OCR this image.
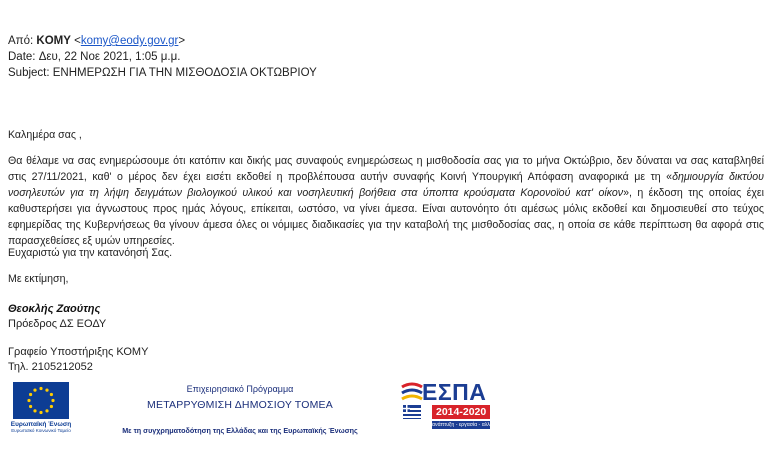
Από: KOMY <komy@eody.gov.gr>
Date: Δευ, 22 Νοε 2021, 1:05 μ.μ.
Subject: ΕΝΗΜΕΡΩΣΗ ΓΙΑ ΤΗΝ ΜΙΣΘΟΔΟΣΙΑ ΟΚΤΩΒΡΙΟΥ
Καλημέρα σας ,
Θα θέλαμε να σας ενημερώσουμε ότι κατόπιν και δικής μας συναφούς ενημερώσεως η μισθοδοσία σας για το μήνα Οκτώβριο, δεν δύναται να σας καταβληθεί στις 27/11/2021, καθ' ο μέρος δεν έχει εισέτι εκδοθεί η προβλέπουσα αυτήν συναφής Κοινή Υπουργική Απόφαση αναφορικά με τη «δημιουργία δικτύου νοσηλευτών για τη λήψη δειγμάτων βιολογικού υλικού και νοσηλευτική βοήθεια στα ύποπτα κρούσματα Κορονοϊού κατ' οίκον», η έκδοση της οποίας έχει καθυστερήσει για άγνωστους προς ημάς λόγους, επίκειται, ωστόσο, να γίνει άμεσα. Είναι αυτονόητο ότι αμέσως μόλις εκδοθεί και δημοσιευθεί στο τεύχος εφημερίδας της Κυβερνήσεως θα γίνουν άμεσα όλες οι νόμιμες διαδικασίες για την καταβολή της μισθοδοσίας σας, η οποία σε κάθε περίπτωση θα αφορά στις παρασχεθείσες εξ υμών υπηρεσίες.
Ευχαριστώ για την κατανόησή Σας.
Με εκτίμηση,
Θεοκλής Ζαούτης
Πρόεδρος ΔΣ ΕΟΔΥ
Γραφείο Υποστήριξης ΚΟΜΥ
Τηλ. 2105212052
Ευρωπαϊκή Ένωση
Ευρωπαϊκό Κοινωνικό Ταμείο
Επιχειρησιακό Πρόγραμμα
ΜΕΤΑΡΡΥΘΜΙΣΗ ΔΗΜΟΣΙΟΥ ΤΟΜΕΑ
Με τη συγχρηματοδότηση της Ελλάδας και της Ευρωπαϊκής Ένωσης
ΕΣΠΑ
2014-2020
ανάπτυξη - εργασία - αλληλεγγύη
